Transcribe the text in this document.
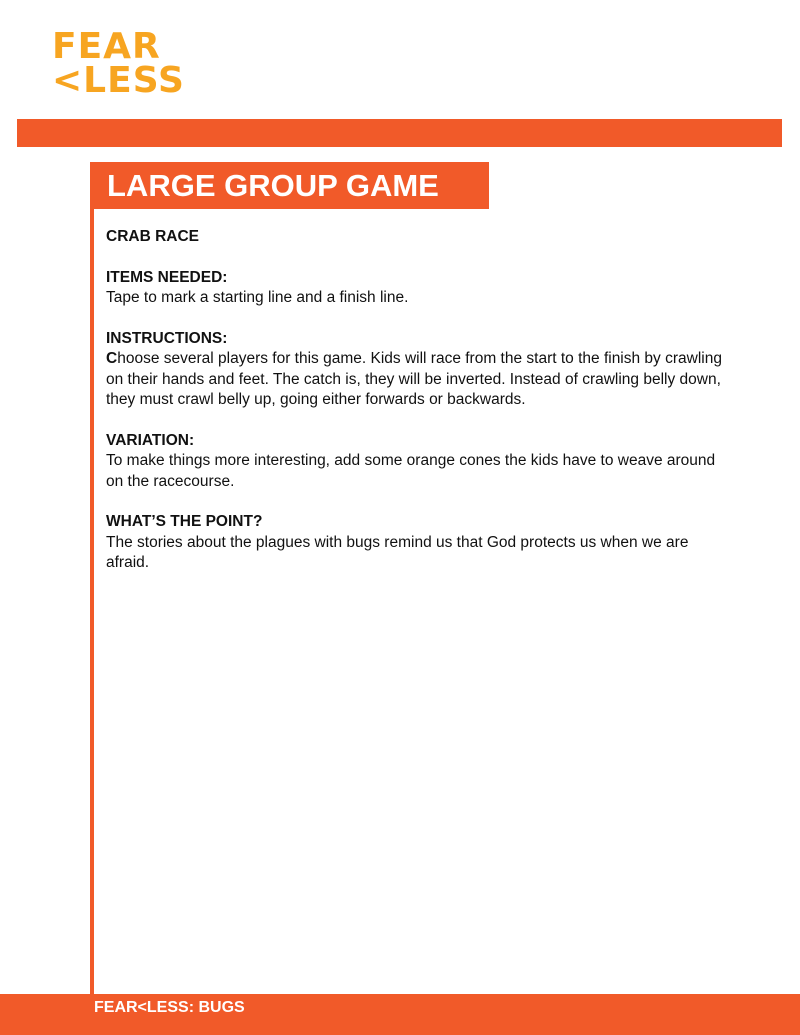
FEAR
<LESS
LARGE GROUP GAME
CRAB RACE
ITEMS NEEDED:

Tape to mark a starting line and a finish line.

INSTRUCTIONS:

Choose several players for this game. Kids will race from the start to the finish by crawling on their hands and feet. The catch is, they will be inverted. Instead of crawling belly down, they must crawl belly up, going either forwards or backwards.

VARIATION:

To make things more interesting, add some orange cones the kids have to weave around on the racecourse.

WHAT’S THE POINT?

The stories about the plagues with bugs remind us that God protects us when we are afraid.

FEAR<LESS: BUGS
